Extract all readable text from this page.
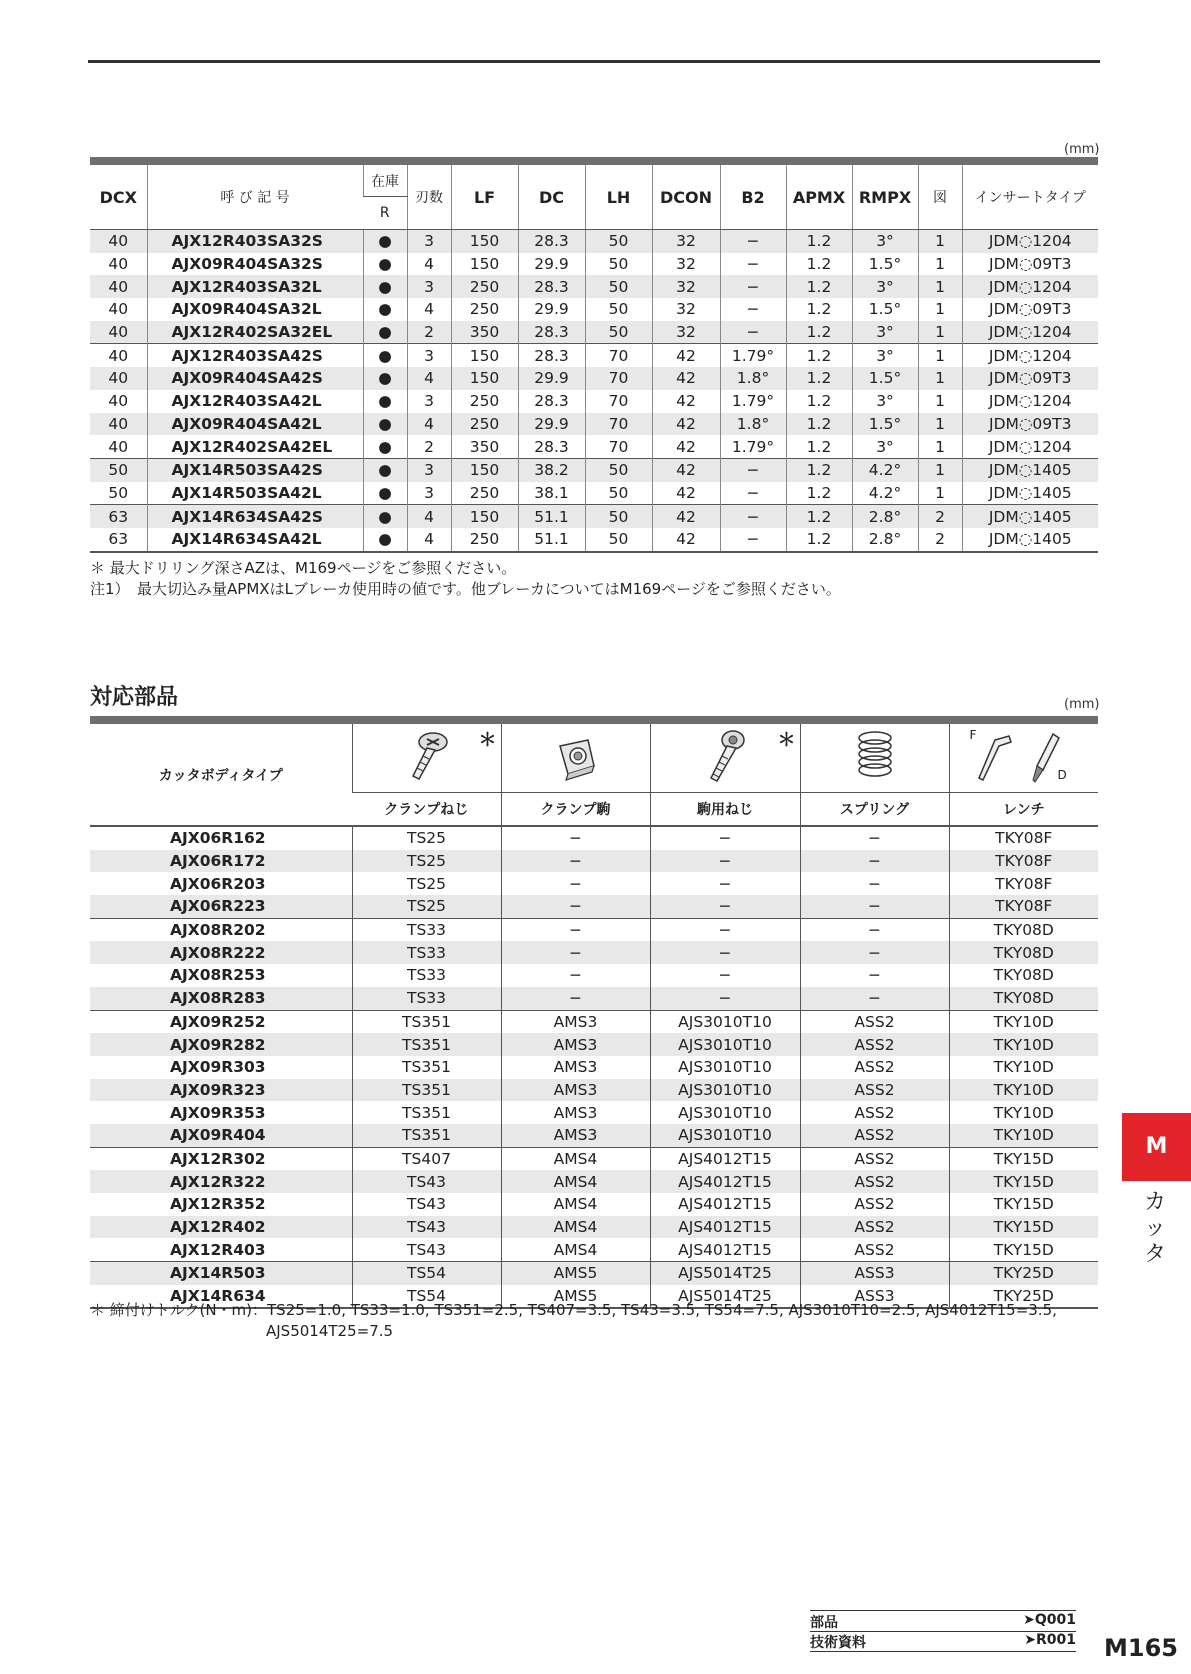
(mm)
DCX	呼 び 記 号	在庫	刃数	LF	DC	LH	DCON	B2	APMX	RMPX	図	インサートタイプ
		R										
40	AJX12R403SA32S	●	3	150	28.3	50	32	−	1.2	3°	1	JDM◌1204
40	AJX09R404SA32S	●	4	150	29.9	50	32	−	1.2	1.5°	1	JDM◌09T3
40	AJX12R403SA32L	●	3	250	28.3	50	32	−	1.2	3°	1	JDM◌1204
40	AJX09R404SA32L	●	4	250	29.9	50	32	−	1.2	1.5°	1	JDM◌09T3
40	AJX12R402SA32EL	●	2	350	28.3	50	32	−	1.2	3°	1	JDM◌1204
40	AJX12R403SA42S	●	3	150	28.3	70	42	1.79°	1.2	3°	1	JDM◌1204
40	AJX09R404SA42S	●	4	150	29.9	70	42	1.8°	1.2	1.5°	1	JDM◌09T3
40	AJX12R403SA42L	●	3	250	28.3	70	42	1.79°	1.2	3°	1	JDM◌1204
40	AJX09R404SA42L	●	4	250	29.9	70	42	1.8°	1.2	1.5°	1	JDM◌09T3
40	AJX12R402SA42EL	●	2	350	28.3	70	42	1.79°	1.2	3°	1	JDM◌1204
50	AJX14R503SA42S	●	3	150	38.2	50	42	−	1.2	4.2°	1	JDM◌1405
50	AJX14R503SA42L	●	3	250	38.1	50	42	−	1.2	4.2°	1	JDM◌1405
63	AJX14R634SA42S	●	4	150	51.1	50	42	−	1.2	2.8°	2	JDM◌1405
63	AJX14R634SA42L	●	4	250	51.1	50	42	−	1.2	2.8°	2	JDM◌1405
＊ 最大ドリリング深さAZは、M169ページをご参照ください。
注1）　最大切込み量APMXはLブレーカ使用時の値です。他ブレーカについてはM169ページをご参照ください。
対応部品	(mm)
カッタボディタイプ	＊		＊		F
D

	クランプねじ	クランプ駒	駒用ねじ	スプリング	レンチ
AJX06R162	TS25	−	−	−	TKY08F
AJX06R172	TS25	−	−	−	TKY08F
AJX06R203	TS25	−	−	−	TKY08F
AJX06R223	TS25	−	−	−	TKY08F
AJX08R202	TS33	−	−	−	TKY08D
AJX08R222	TS33	−	−	−	TKY08D
AJX08R253	TS33	−	−	−	TKY08D
AJX08R283	TS33	−	−	−	TKY08D
AJX09R252	TS351	AMS3	AJS3010T10	ASS2	TKY10D
AJX09R282	TS351	AMS3	AJS3010T10	ASS2	TKY10D
AJX09R303	TS351	AMS3	AJS3010T10	ASS2	TKY10D
AJX09R323	TS351	AMS3	AJS3010T10	ASS2	TKY10D
AJX09R353	TS351	AMS3	AJS3010T10	ASS2	TKY10D
AJX09R404	TS351	AMS3	AJS3010T10	ASS2	TKY10D
AJX12R302	TS407	AMS4	AJS4012T15	ASS2	TKY15D
AJX12R322	TS43	AMS4	AJS4012T15	ASS2	TKY15D
AJX12R352	TS43	AMS4	AJS4012T15	ASS2	TKY15D
AJX12R402	TS43	AMS4	AJS4012T15	ASS2	TKY15D
AJX12R403	TS43	AMS4	AJS4012T15	ASS2	TKY15D
AJX14R503	TS54	AMS5	AJS5014T25	ASS3	TKY25D
AJX14R634	TS54	AMS5	AJS5014T25	ASS3	TKY25D
＊ 締付けトルク(N・m)：TS25=1.0, TS33=1.0, TS351=2.5, TS407=3.5, TS43=3.5, TS54=7.5, AJS3010T10=2.5, AJS4012T15=3.5,
AJS5014T25=7.5
M
カ
ッ
タ
部品	➤Q001
技術資料	➤R001 M165
